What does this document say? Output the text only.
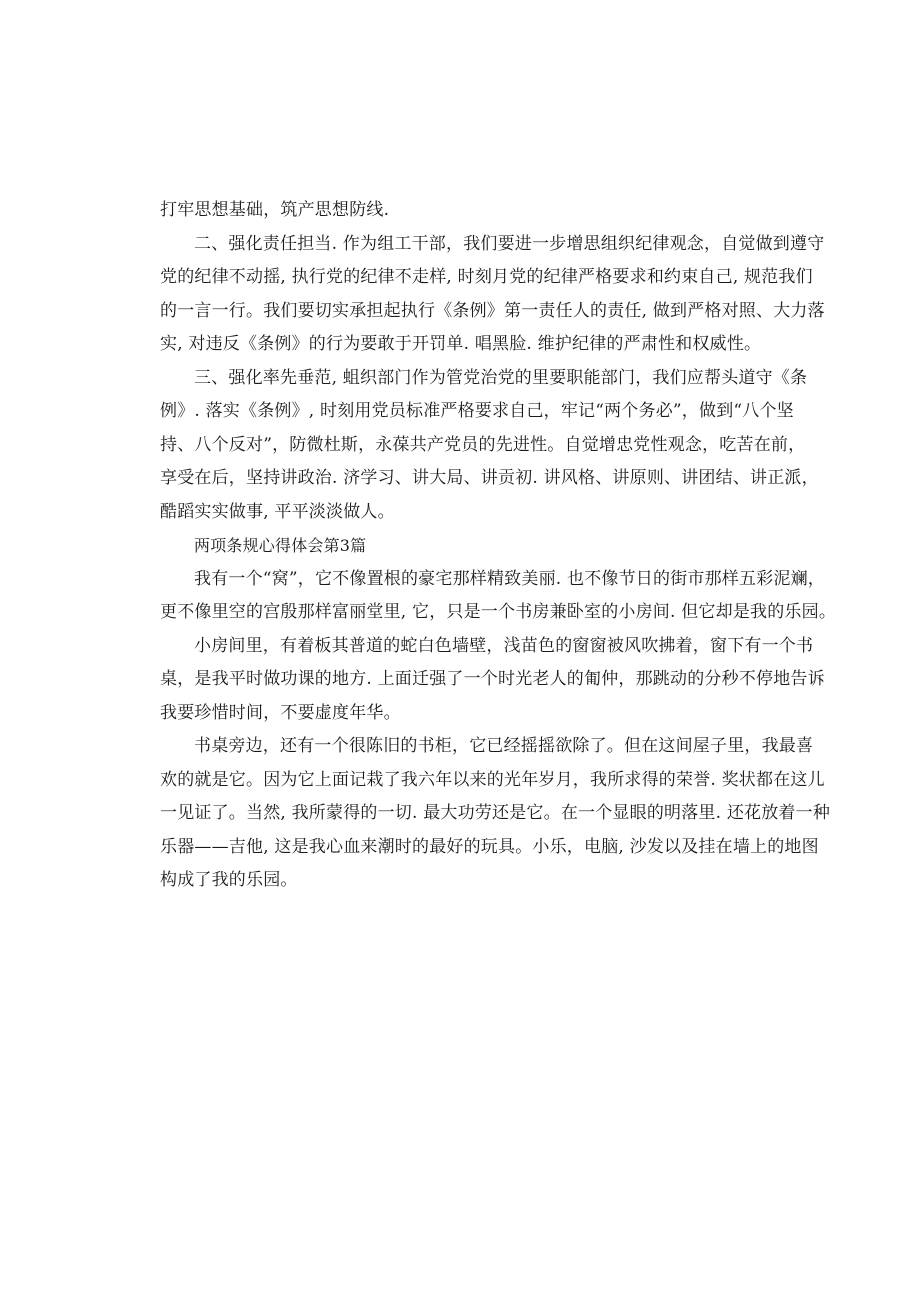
打牢思想基础，筑产思想防线.
二、强化责任担当. 作为组工干部，我们要进一步增思组织纪律观念，自觉做到遵守
党的纪律不动摇, 执行党的纪律不走样, 时刻月党的纪律严格要求和约束自己, 规范我们
的一言一行。我们要切实承担起执行《条例》第一责任人的责任, 做到严格对照、大力落
实, 对违反《条例》的行为要敢于开罚单. 唱黑脸. 维护纪律的严肃性和权威性。
三、强化率先垂范, 蛆织部门作为管党治党的里要职能部门，我们应帮头道守《条
例》. 落实《条例》, 时刻用党员标准严格要求自己，牢记“两个务必”，做到“八个坚
持、八个反对”，防微杜斯，永葆共产党员的先进性。自觉增忠党性观念，吃苦在前，
享受在后，坚持讲政治. 济学习、讲大局、讲贡初. 讲风格、讲原则、讲团结、讲正派，
酷蹈实实做事, 平平淡淡做人。
两项条规心得体会第3篇
我有一个“窝”，它不像置根的豪宅那样精致美丽. 也不像节日的街市那样五彩泥斓，
更不像里空的宫殷那样富丽堂里, 它，只是一个书房兼卧室的小房间. 但它却是我的乐园。
小房间里，有着板其普道的蛇白色墙壁，浅苗色的窗窗被风吹拂着，窗下有一个书
桌，是我平时做功课的地方. 上面迁强了一个时光老人的匍仲，那跳动的分秒不停地告诉
我要珍惜时间，不要虚度年华。
书桌旁边，还有一个很陈旧的书柜，它已经摇摇欲除了。但在这间屋子里，我最喜
欢的就是它。因为它上面记栽了我六年以来的光年岁月，我所求得的荣誉. 奖状都在这儿
一见证了。当然, 我所蒙得的一切. 最大功劳还是它。在一个显眼的明落里. 还花放着一种
乐器——吉他, 这是我心血来潮时的最好的玩具。小乐，电脑, 沙发以及挂在墙上的地图
构成了我的乐园。
